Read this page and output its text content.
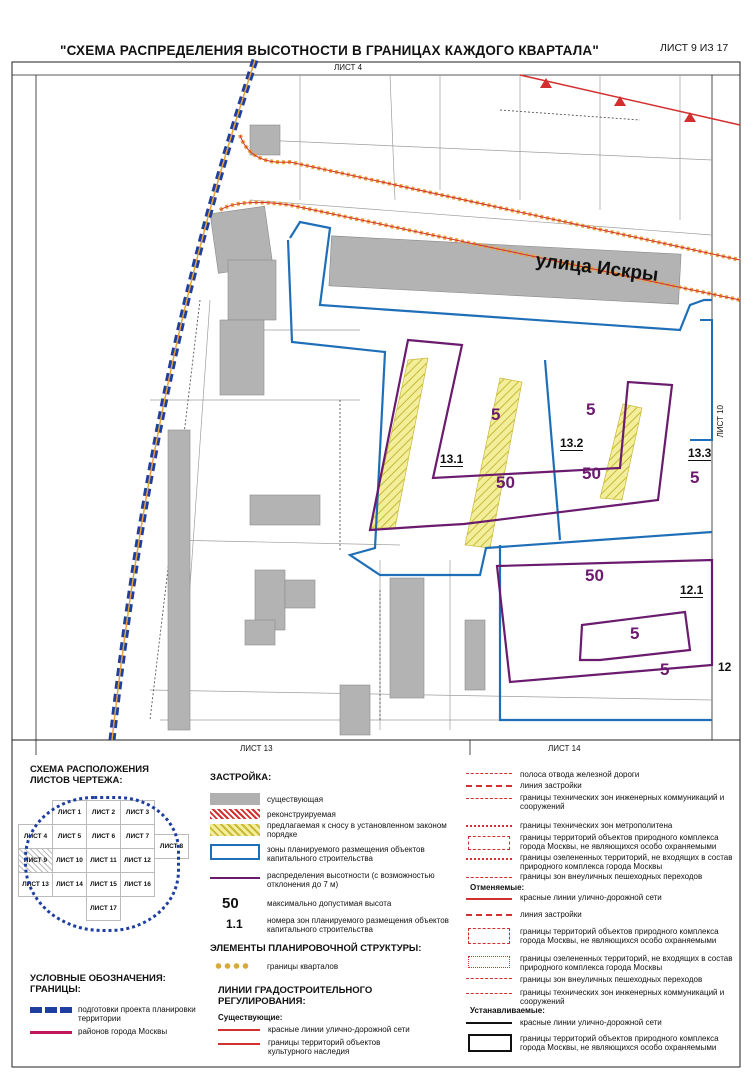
"СХЕМА РАСПРЕДЕЛЕНИЯ ВЫСОТНОСТИ В ГРАНИЦАХ КАЖДОГО КВАРТАЛА"	ЛИСТ 9 ИЗ 17
улица Искры
ЛИСТ 4
ЛИСТ 10
ЛИСТ 13	ЛИСТ 14
13.1
13.2
13.3
12.1
12
5	5
50
50	5
50
5
5
СХЕМА РАСПОЛОЖЕНИЯ
ЛИСТОВ ЧЕРТЕЖА:
ЛИСТ 1	ЛИСТ 2	ЛИСТ 3
ЛИСТ 4	ЛИСТ 5	ЛИСТ 6	ЛИСТ 7
ЛИСТ 8
ЛИСТ 9	ЛИСТ 10	ЛИСТ 11	ЛИСТ 12
ЛИСТ 13	ЛИСТ 14	ЛИСТ 15	ЛИСТ 16
ЛИСТ 17
УСЛОВНЫЕ ОБОЗНАЧЕНИЯ:
ГРАНИЦЫ:
подготовки проекта планировки территории
районов города Москвы
ЗАСТРОЙКА:
существующая
реконструируемая
предлагаемая к сносу в установленном законом порядке
зоны планируемого размещения объектов капитального строительства
распределения высотности (с возможностью отклонения до 7 м)
50	максимально допустимая высота
1.1	номера зон планируемого размещения объектов капитального строительства
ЭЛЕМЕНТЫ ПЛАНИРОВОЧНОЙ СТРУКТУРЫ:
границы кварталов
ЛИНИИ ГРАДОСТРОИТЕЛЬНОГО
РЕГУЛИРОВАНИЯ:
Существующие:
красные линии улично-дорожной сети
границы территорий объектов культурного наследия
полоса отвода железной дороги
линия застройки
границы технических зон инженерных коммуникаций и сооружений
границы технических зон метрополитена
границы территорий объектов природного комплекса города Москвы, не являющихся особо охраняемыми
границы озелененных территорий, не входящих в состав природного комплекса города Москвы
границы зон внеуличных пешеходных переходов
Отменяемые:
красные линии улично-дорожной сети
линия застройки
границы территорий объектов природного комплекса города Москвы, не являющихся особо охраняемыми
границы озелененных территорий, не входящих в состав природного комплекса города Москвы
границы зон внеуличных пешеходных переходов
границы технических зон инженерных коммуникаций и сооружений
Устанавливаемые:
красные линии улично-дорожной сети
границы территорий объектов природного комплекса города Москвы, не являющихся особо охраняемыми
